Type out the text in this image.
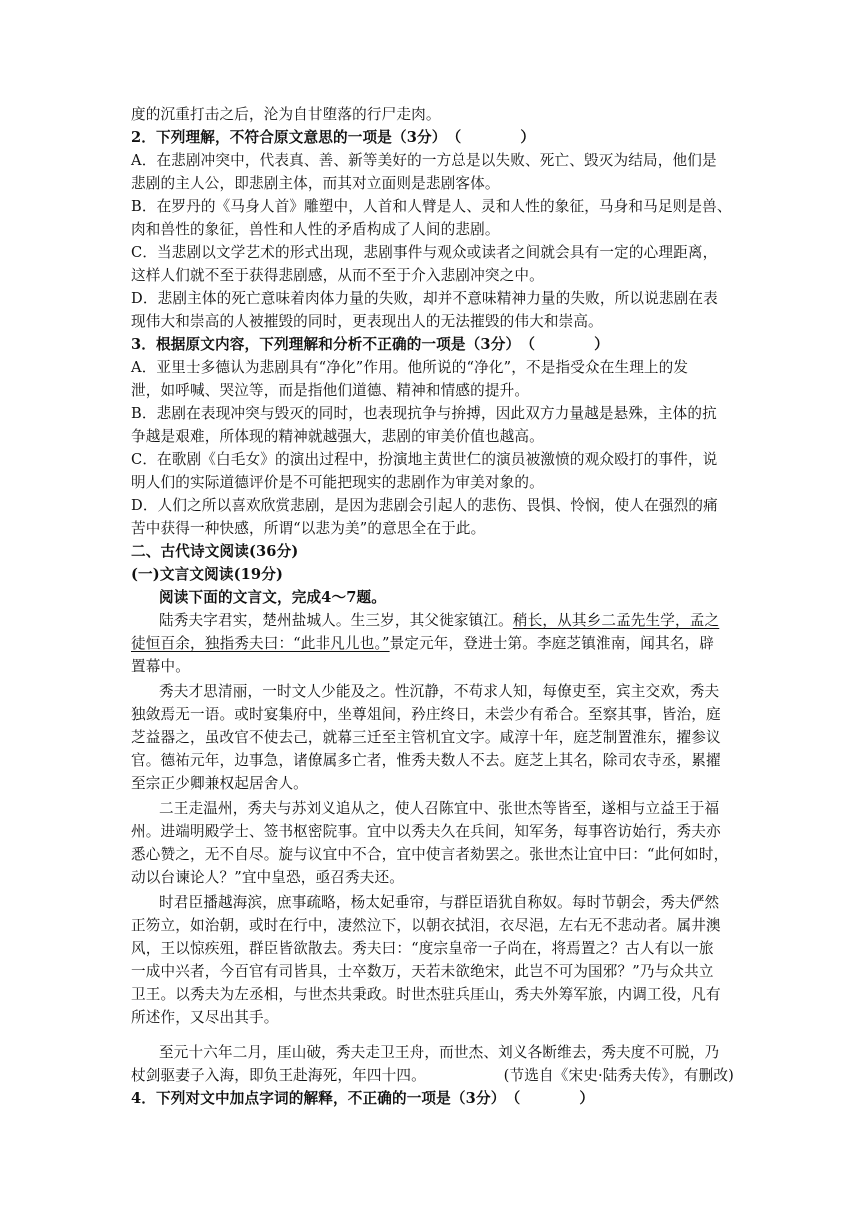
度的沉重打击之后，沦为自甘堕落的行尸走肉。
2．下列理解，不符合原文意思的一项是（3分）　（　　　　）
A．在悲剧冲突中，代表真、善、新等美好的一方总是以失败、死亡、毁灭为结局，他们是
悲剧的主人公，即悲剧主体，而其对立面则是悲剧客体。
B．在罗丹的《马身人首》雕塑中，人首和人臂是人、灵和人性的象征，马身和马足则是兽、
肉和兽性的象征，兽性和人性的矛盾构成了人间的悲剧。
C．当悲剧以文学艺术的形式出现，悲剧事件与观众或读者之间就会具有一定的心理距离，
这样人们就不至于获得悲剧感，从而不至于介入悲剧冲突之中。
D．悲剧主体的死亡意味着肉体力量的失败，却并不意味精神力量的失败，所以说悲剧在表
现伟大和崇高的人被摧毁的同时，更表现出人的无法摧毁的伟大和崇高。
3．根据原文内容，下列理解和分析不正确的一项是（3分）　（　　　　）
A．亚里士多德认为悲剧具有“净化”作用。他所说的“净化”，不是指受众在生理上的发
泄，如呼喊、哭泣等，而是指他们道德、精神和情感的提升。
B．悲剧在表现冲突与毁灭的同时，也表现抗争与拚搏，因此双方力量越是悬殊，主体的抗
争越是艰难，所体现的精神就越强大，悲剧的审美价值也越高。
C．在歌剧《白毛女》的演出过程中，扮演地主黄世仁的演员被激愤的观众殴打的事件，说
明人们的实际道德评价是不可能把现实的悲剧作为审美对象的。
D．人们之所以喜欢欣赏悲剧，是因为悲剧会引起人的悲伤、畏惧、怜悯，使人在强烈的痛
苦中获得一种快感，所谓“以悲为美”的意思全在于此。
二、古代诗文阅读(36分)
(一)文言文阅读(19分)
阅读下面的文言文，完成4～7题。
陆秀夫字君实，楚州盐城人。生三岁，其父徙家镇江。稍长，从其乡二孟先生学，孟之
徒恒百余，独指秀夫曰：“此非凡儿也。”景定元年，登进士第。李庭芝镇淮南，闻其名，辟
置幕中。
秀夫才思清丽，一时文人少能及之。性沉静，不苟求人知，每僚吏至，宾主交欢，秀夫
独敛焉无一语。或时宴集府中，坐尊俎间，矜庄终日，未尝少有希合。至察其事，皆治，庭
芝益器之，虽改官不使去己，就幕三迁至主管机宜文字。咸淳十年，庭芝制置淮东，擢参议
官。德祐元年，边事急，诸僚属多亡者，惟秀夫数人不去。庭芝上其名，除司农寺丞，累擢
至宗正少卿兼权起居舍人。
二王走温州，秀夫与苏刘义追从之，使人召陈宜中、张世杰等皆至，遂相与立益王于福
州。进端明殿学士、签书枢密院事。宜中以秀夫久在兵间，知军务，每事咨访始行，秀夫亦
悉心赞之，无不自尽。旋与议宜中不合，宜中使言者劾罢之。张世杰让宜中曰：“此何如时，
动以台谏论人？”宜中皇恐，亟召秀夫还。
时君臣播越海滨，庶事疏略，杨太妃垂帘，与群臣语犹自称奴。每时节朝会，秀夫俨然
正笏立，如治朝，或时在行中，凄然泣下，以朝衣拭泪，衣尽浥，左右无不悲动者。属井澳
风，王以惊疾殂，群臣皆欲散去。秀夫曰：“度宗皇帝一子尚在，将焉置之？古人有以一旅
一成中兴者，今百官有司皆具，士卒数万，天若未欲绝宋，此岂不可为国邪？”乃与众共立
卫王。以秀夫为左丞相，与世杰共秉政。时世杰驻兵厓山，秀夫外筹军旅，内调工役，凡有
所述作，又尽出其手。
至元十六年二月，厓山破，秀夫走卫王舟，而世杰、刘义各断维去，秀夫度不可脱，乃
杖剑驱妻子入海，即负王赴海死，年四十四。	(节选自《宋史·陆秀夫传》，有删改)
4．下列对文中加点字词的解释，不正确的一项是（3分）　（　　　　）
